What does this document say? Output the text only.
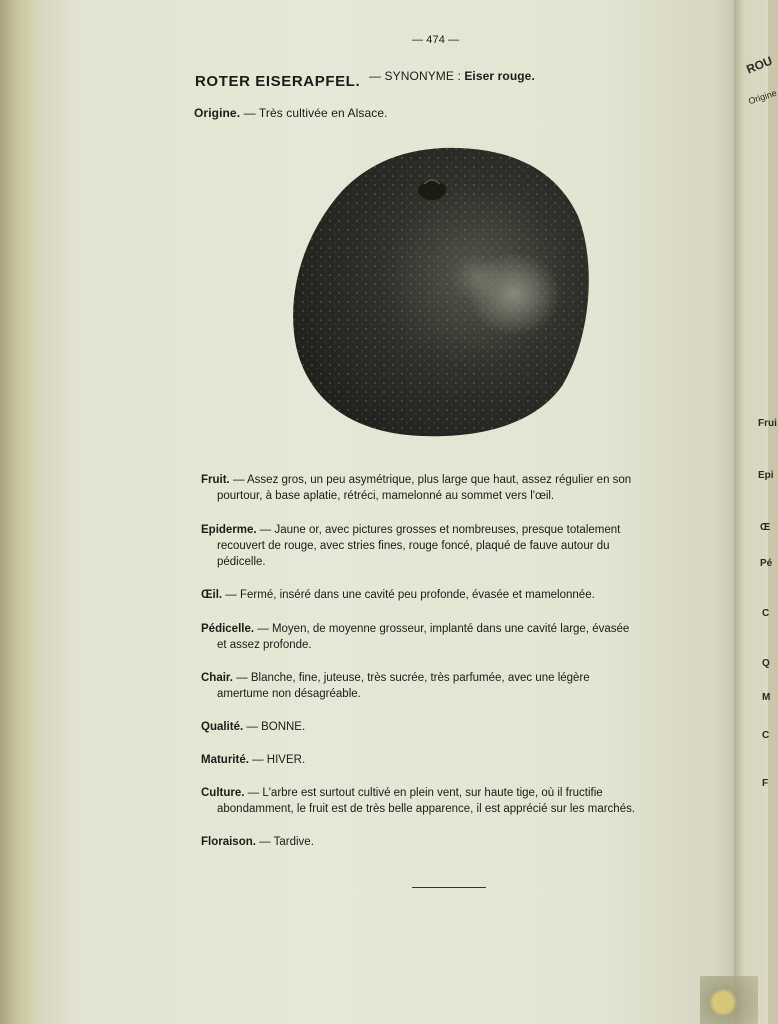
ROU
Origine
Frui
Epi
Œ
Pé
C
Q
M
C
F
— 474 —
ROTER EISERAPFEL. — SYNONYME : Eiser rouge.
Origine. — Très cultivée en Alsace.
Fruit. — Assez gros, un peu asymétrique, plus large que haut, assez régulier en son
pourtour, à base aplatie, rétréci, mamelonné au sommet vers l'œil.
Epiderme. — Jaune or, avec pictures grosses et nombreuses, presque totalement
recouvert de rouge, avec stries fines, rouge foncé, plaqué de fauve autour du
pédicelle.
Œil. — Fermé, inséré dans une cavité peu profonde, évasée et mamelonnée.
Pédicelle. — Moyen, de moyenne grosseur, implanté dans une cavité large, évasée
et assez profonde.
Chair. — Blanche, fine, juteuse, très sucrée, très parfumée, avec une légère
amertume non désagréable.
Qualité. — BONNE.
Maturité. — HIVER.
Culture. — L'arbre est surtout cultivé en plein vent, sur haute tige, où il fructifie
abondamment, le fruit est de très belle apparence, il est apprécié sur les marchés.
Floraison. — Tardive.
